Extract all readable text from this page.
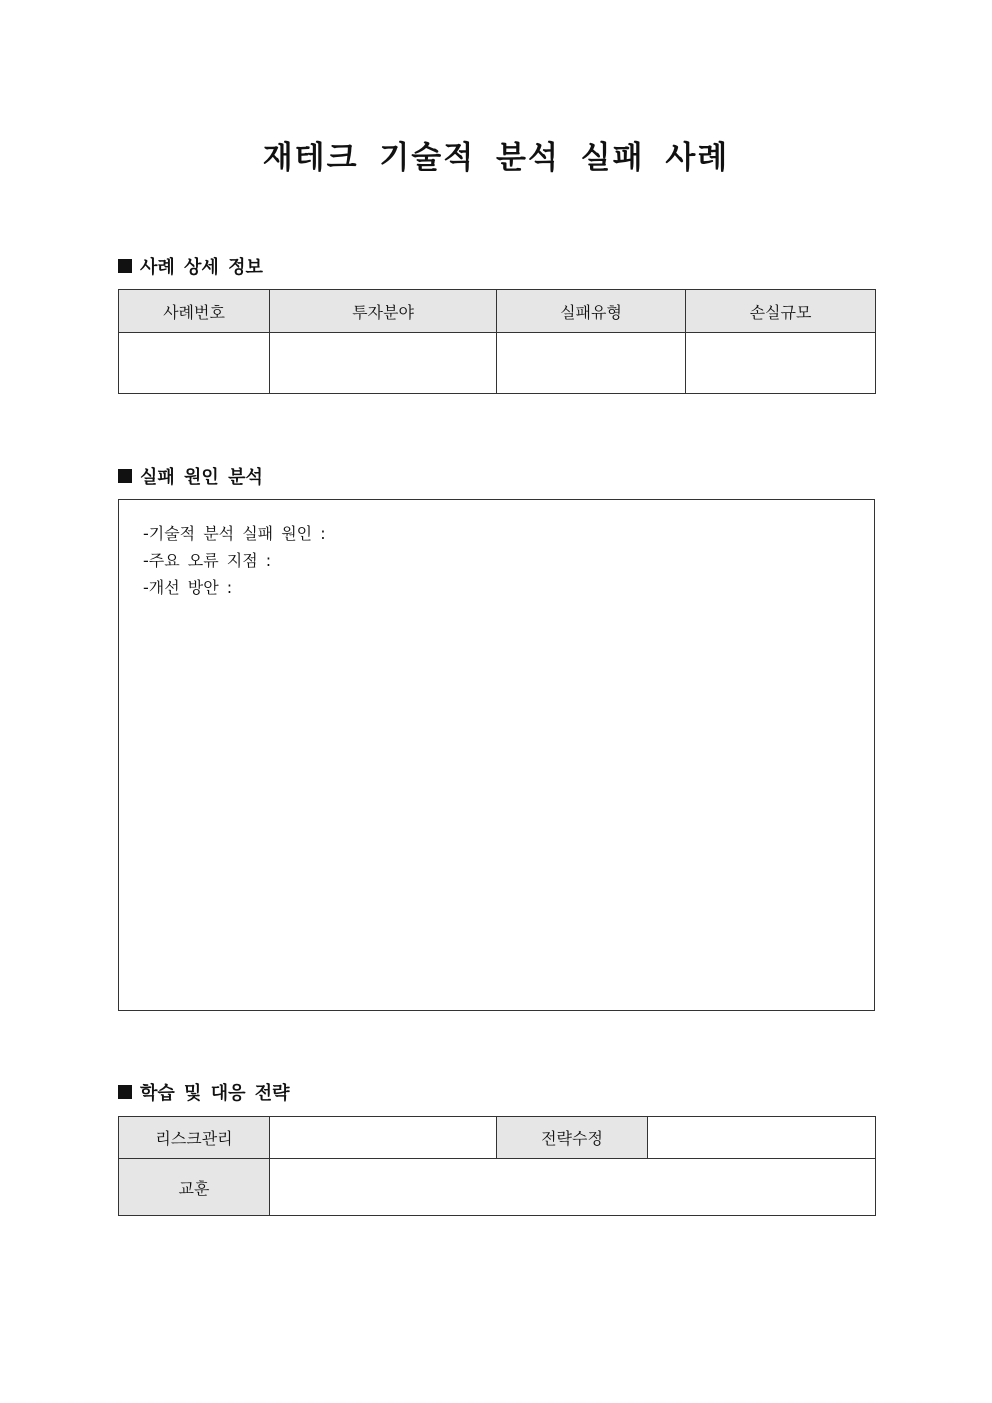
재테크 기술적 분석 실패 사례
사례 상세 정보
사례번호	투자분야	실패유형	손실규모

실패 원인 분석
-기술적 분석 실패 원인 :
-주요 오류 지점 :
-개선 방안 :
학습 및 대응 전략
리스크관리		전략수정	
교훈			
